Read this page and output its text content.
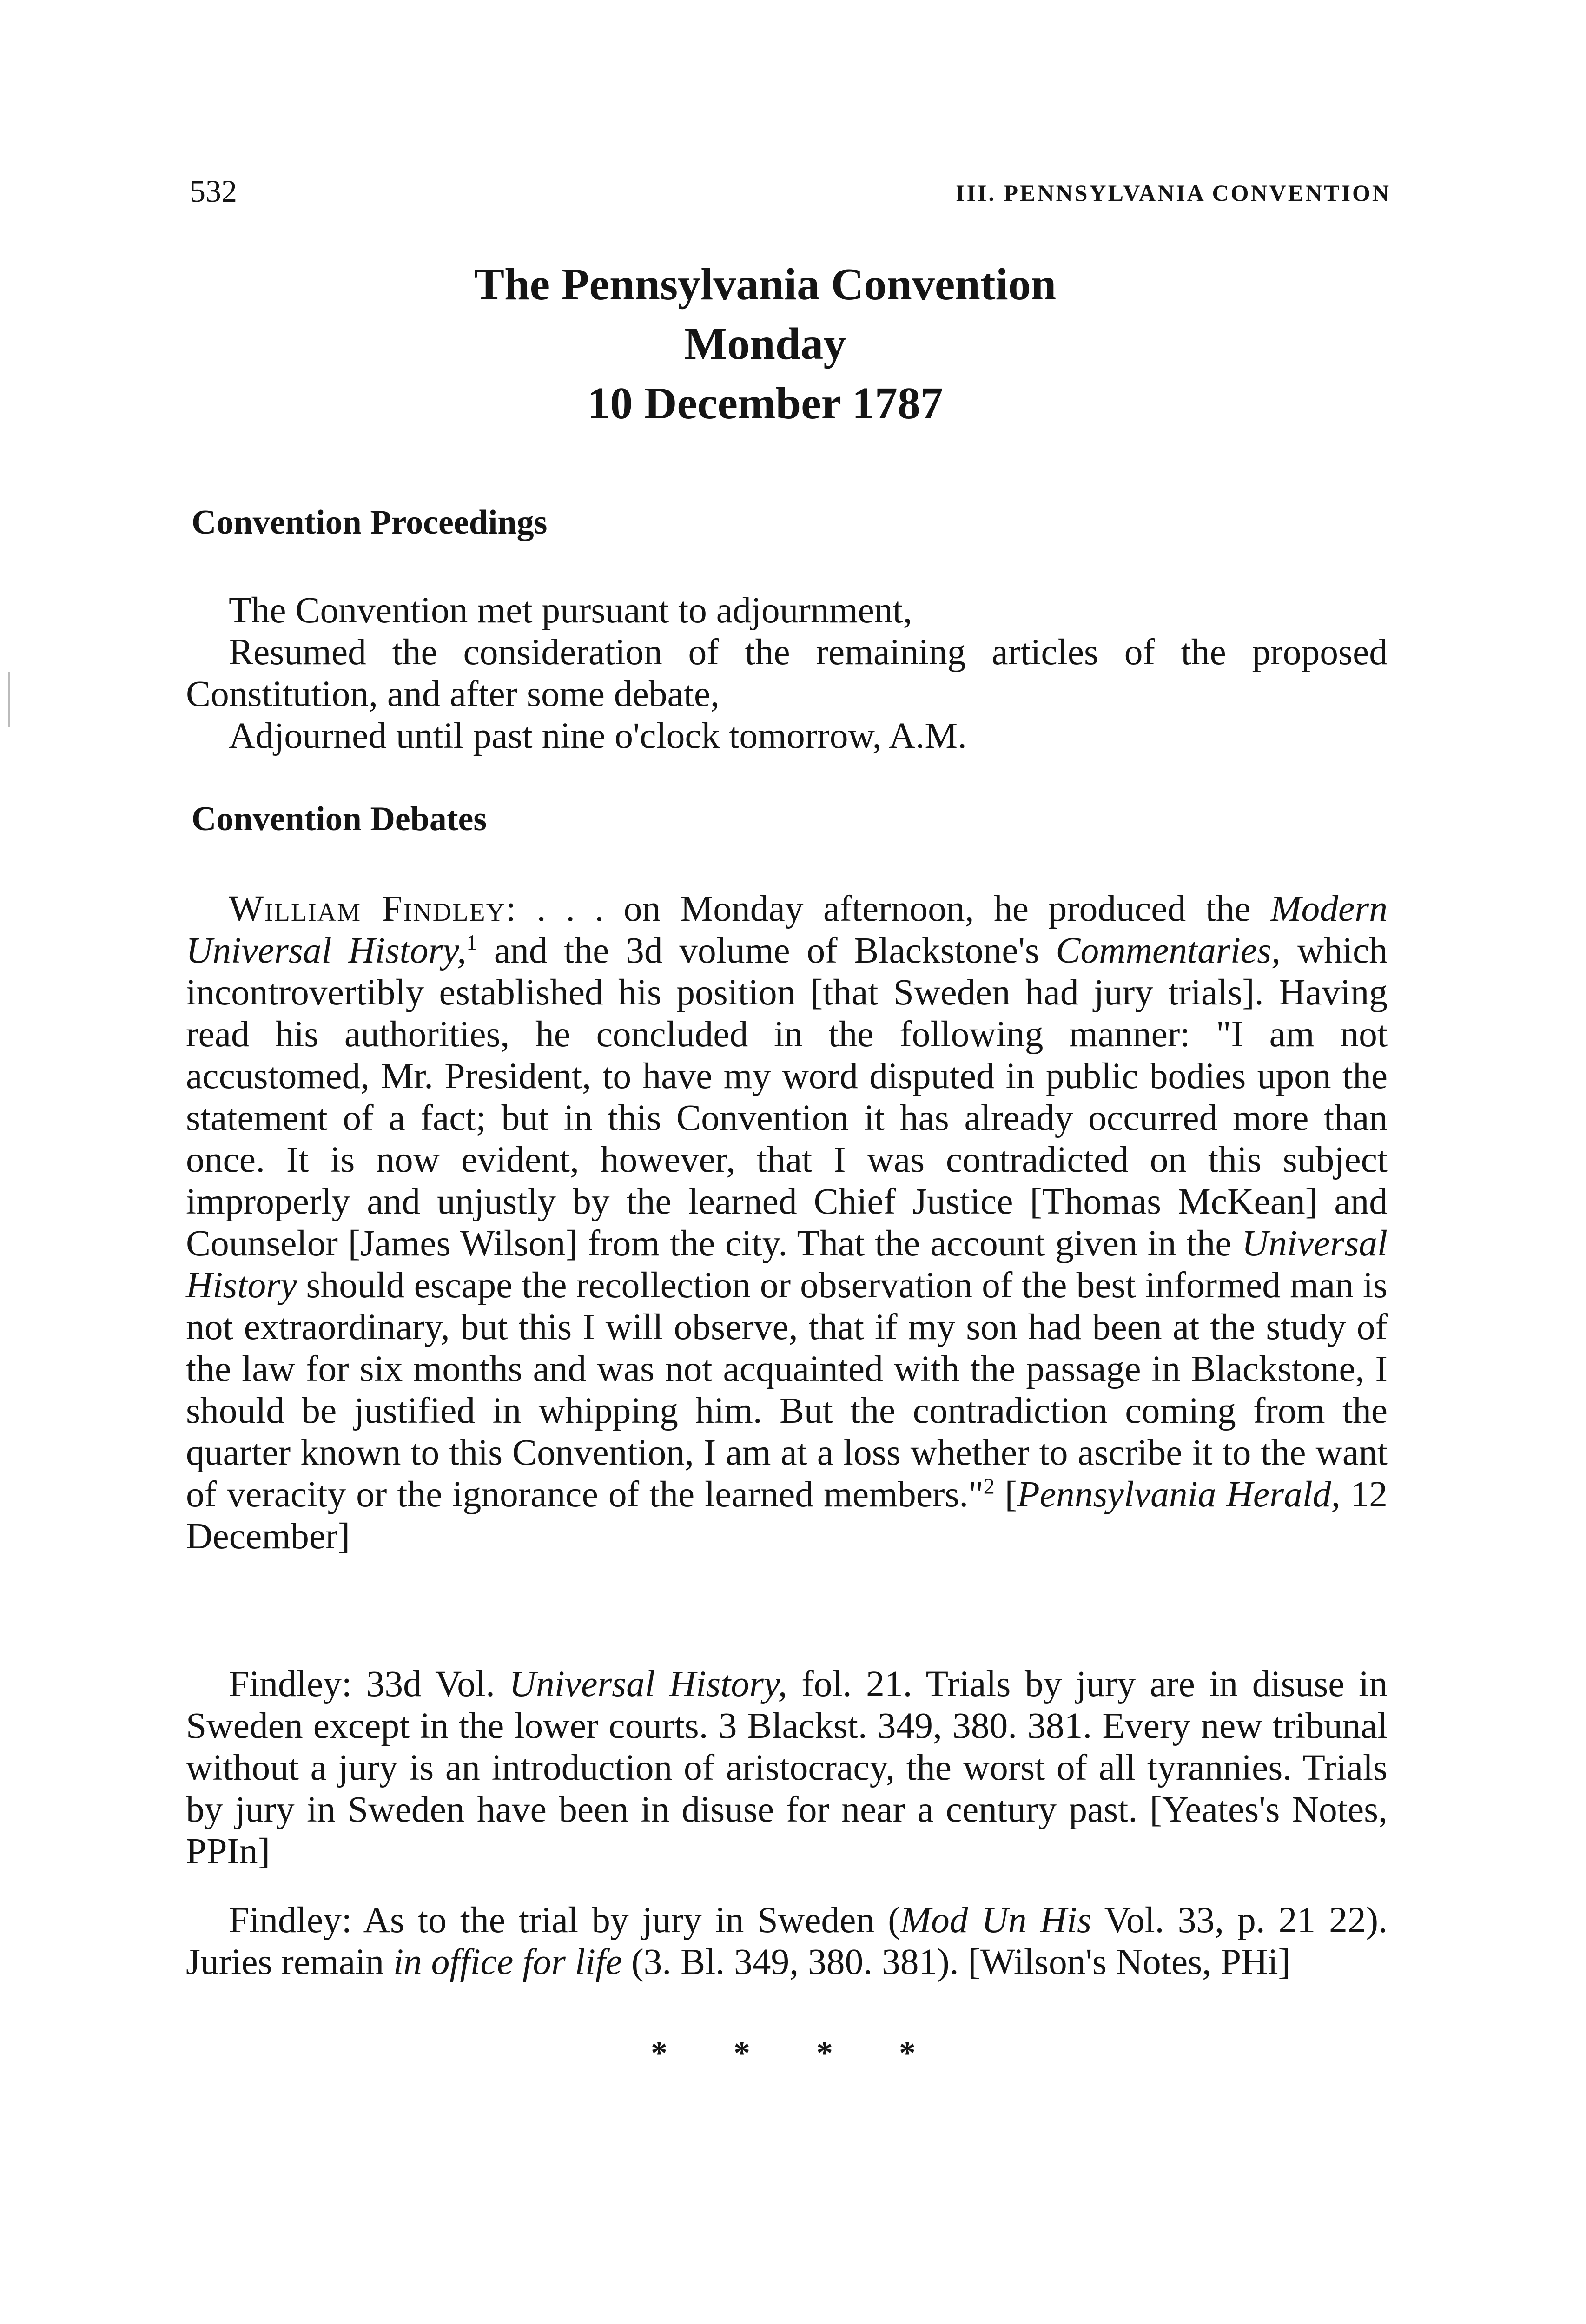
532	III. PENNSYLVANIA CONVENTION
The Pennsylvania Convention
Monday
10 December 1787
Convention Proceedings
The Convention met pursuant to adjournment,
Resumed the consideration of the remaining articles of the proposed Constitution, and after some debate,
Adjourned until past nine o'clock tomorrow, A.M.
Convention Debates
William Findley: . . . on Monday afternoon, he produced the Modern Universal History,$^1$ and the 3d volume of Blackstone's Commentaries, which incontrovertibly established his position [that Sweden had jury trials]. Having read his authorities, he concluded in the following manner: "I am not accustomed, Mr. President, to have my word disputed in public bodies upon the statement of a fact; but in this Convention it has already occurred more than once. It is now evident, however, that I was contradicted on this subject improperly and unjustly by the learned Chief Justice [Thomas McKean] and Counselor [James Wilson] from the city. That the account given in the Universal History should escape the recollection or observation of the best informed man is not extraordinary, but this I will observe, that if my son had been at the study of the law for six months and was not acquainted with the passage in Blackstone, I should be justified in whipping him. But the contradiction coming from the quarter known to this Convention, I am at a loss whether to ascribe it to the want of veracity or the ignorance of the learned members."$^2$ [Pennsylvania Herald, 12 December]
Findley: 33d Vol. Universal History, fol. 21. Trials by jury are in disuse in Sweden except in the lower courts. 3 Blackst. 349, 380. 381. Every new tribunal without a jury is an introduction of aristocracy, the worst of all tyrannies. Trials by jury in Sweden have been in disuse for near a century past. [Yeates's Notes, PPIn]
Findley: As to the trial by jury in Sweden (Mod Un His Vol. 33, p. 21 22). Juries remain in office for life (3. Bl. 349, 380. 381). [Wilson's Notes, PHi]
* * * *
